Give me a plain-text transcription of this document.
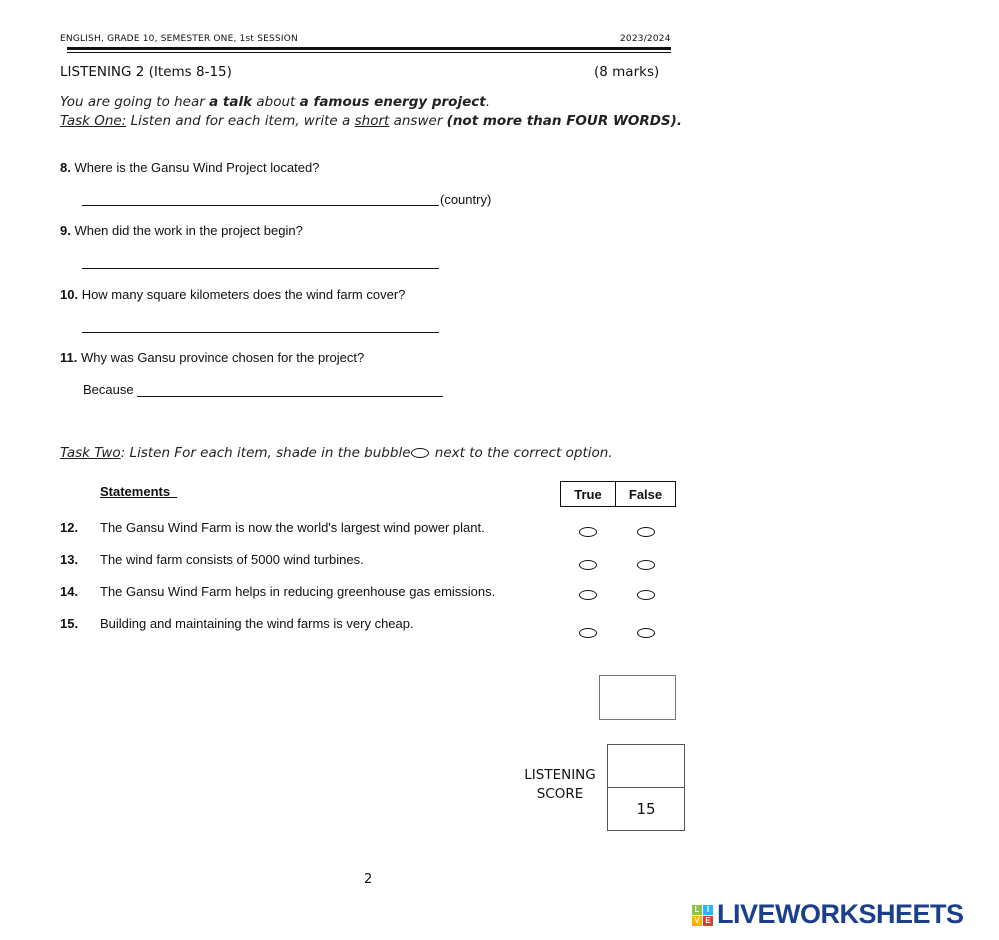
ENGLISH, GRADE 10, SEMESTER ONE, 1st SESSION	2023/2024
LISTENING 2 (Items 8-15)	(8 marks)
You are going to hear a talk about a famous energy project.
Task One: Listen and for each item, write a short answer (not more than FOUR WORDS).
8. Where is the Gansu Wind Project located?
(country)
9. When did the work in the project begin?
10. How many square kilometers does the wind farm cover?
11. Why was Gansu province chosen for the project?
Because
Task Two: Listen For each item, shade in the bubble next to the correct option.
Statements	True	False
12. The Gansu Wind Farm is now the world's largest wind power plant.
13. The wind farm consists of 5000 wind turbines.
14. The Gansu Wind Farm helps in reducing greenhouse gas emissions.
15. Building and maintaining the wind farms is very cheap.
LISTENING
SCORE
15
2
L I
V E LIVEWORKSHEETS
